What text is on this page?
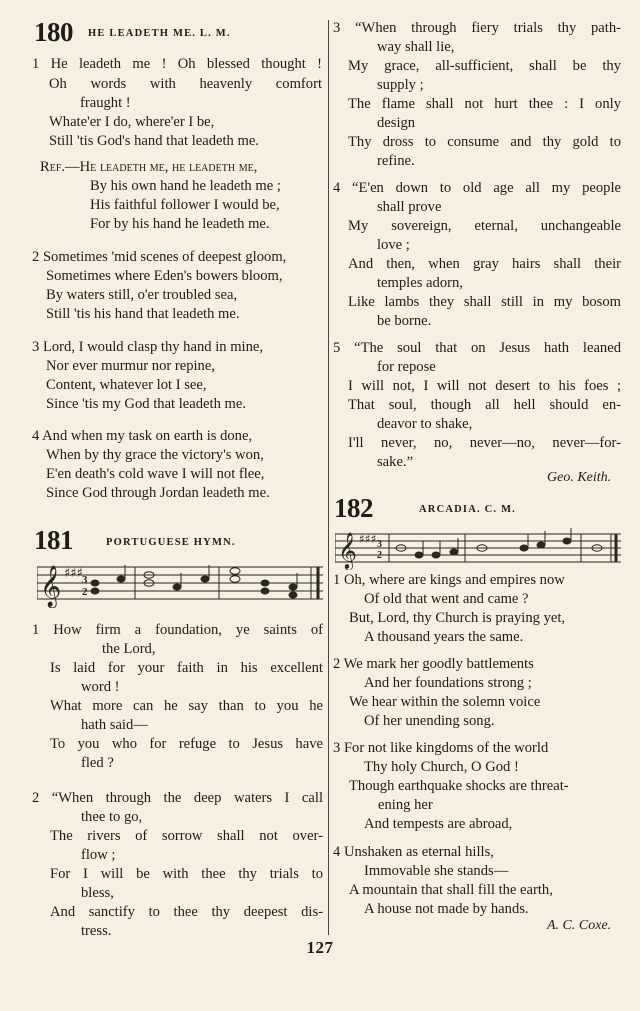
180 HE LEADETH ME. L. M.
1 He leadeth me ! Oh blessed thought !
Oh words with heavenly comfort
fraught !
Whate'er I do, where'er I be,
Still 'tis God's hand that leadeth me.
Ref.—He leadeth me, he leadeth me,
By his own hand he leadeth me ;
His faithful follower I would be,
For by his hand he leadeth me.
2 Sometimes 'mid scenes of deepest gloom,
Sometimes where Eden's bowers bloom,
By waters still, o'er troubled sea,
Still 'tis his hand that leadeth me.
3 Lord, I would clasp thy hand in mine,
Nor ever murmur nor repine,
Content, whatever lot I see,
Since 'tis my God that leadeth me.
4 And when my task on earth is done,
When by thy grace the victory's won,
E'en death's cold wave I will not flee,
Since God through Jordan leadeth me.
181	PORTUGUESE HYMN.
𝄞 ♯♯♯ 3
2
1 How firm a foundation, ye saints of
the Lord,
Is laid for your faith in his excellent
word !
What more can he say than to you he
hath said—
To you who for refuge to Jesus have
fled ?
2 “When through the deep waters I call
thee to go,
The rivers of sorrow shall not over-
flow ;
For I will be with thee thy trials to
bless,
And sanctify to thee thy deepest dis-
tress.
3 “When through fiery trials thy path-
way shall lie,
My grace, all-sufficient, shall be thy
supply ;
The flame shall not hurt thee : I only
design
Thy dross to consume and thy gold to
refine.
4 “E'en down to old age all my people
shall prove
My sovereign, eternal, unchangeable
love ;
And then, when gray hairs shall their
temples adorn,
Like lambs they shall still in my bosom
be borne.
5 “The soul that on Jesus hath leaned
for repose
I will not, I will not desert to his foes ;
That soul, though all hell should en-
deavor to shake,
I'll never, no, never—no, never—for-
sake.”
Geo. Keith.
182	ARCADIA. C. M.
𝄞 ♯♯♯ 3
2
1 Oh, where are kings and empires now
Of old that went and came ?
But, Lord, thy Church is praying yet,
A thousand years the same.
2 We mark her goodly battlements
And her foundations strong ;
We hear within the solemn voice
Of her unending song.
3 For not like kingdoms of the world
Thy holy Church, O God !
Though earthquake shocks are threat-
ening her
And tempests are abroad,
4 Unshaken as eternal hills,
Immovable she stands—
A mountain that shall fill the earth,
A house not made by hands.
A. C. Coxe.
127
